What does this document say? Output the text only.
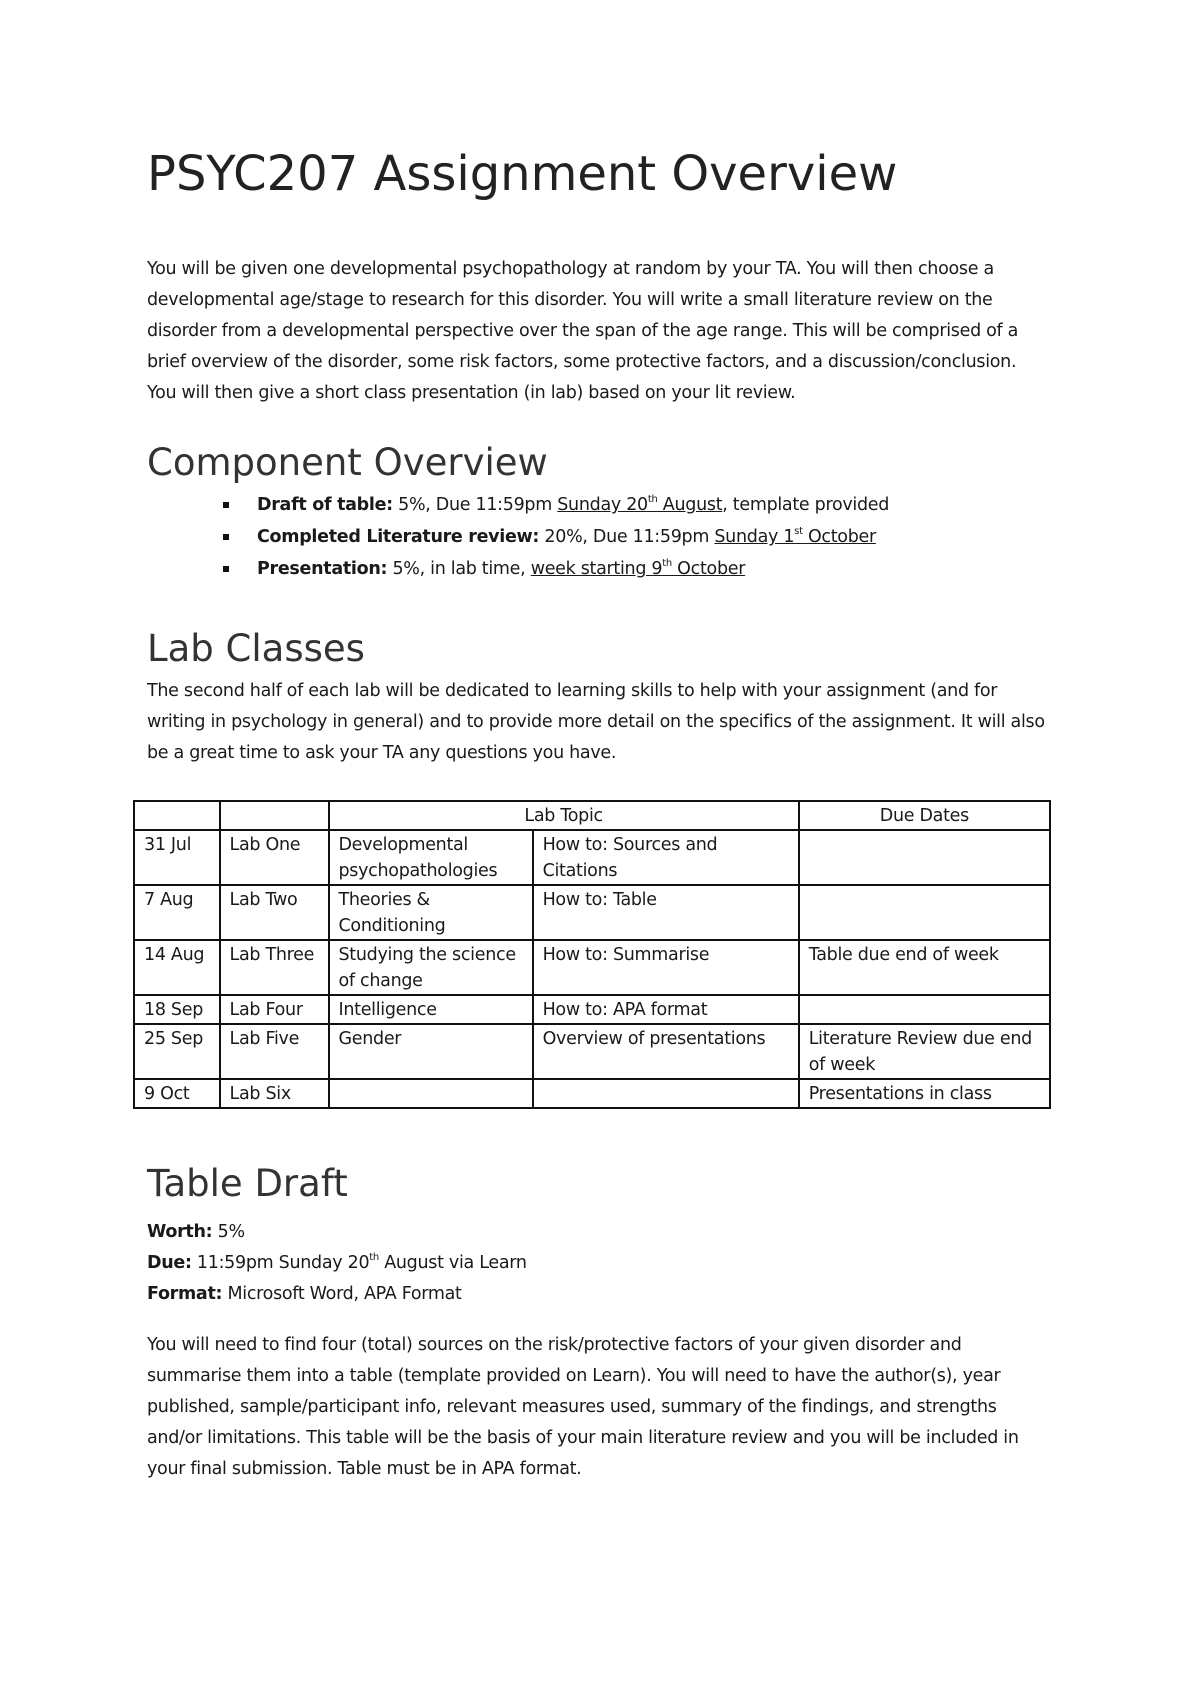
PSYC207 Assignment Overview

You will be given one developmental psychopathology at random by your TA. You will then choose a developmental age/stage to research for this disorder. You will write a small literature review on the disorder from a developmental perspective over the span of the age range. This will be comprised of a brief overview of the disorder, some risk factors, some protective factors, and a discussion/conclusion. You will then give a short class presentation (in lab) based on your lit review.

Component Overview
Draft of table: 5%, Due 11:59pm Sunday 20th August, template provided
Completed Literature review: 20%, Due 11:59pm Sunday 1st October
Presentation: 5%, in lab time, week starting 9th October
Lab Classes

The second half of each lab will be dedicated to learning skills to help with your assignment (and for writing in psychology in general) and to provide more detail on the specifics of the assignment. It will also be a great time to ask your TA any questions you have.

		Lab Topic		Due Dates
31 Jul	Lab One	Developmental psychopathologies	How to: Sources and Citations	
7 Aug	Lab Two	Theories & Conditioning	How to: Table	
14 Aug	Lab Three	Studying the science of change	How to: Summarise	Table due end of week
18 Sep	Lab Four	Intelligence	How to: APA format	
25 Sep	Lab Five	Gender	Overview of presentations	Literature Review due end of week
9 Oct	Lab Six			Presentations in class
Table Draft

Worth: 5%

Due: 11:59pm Sunday 20th August via Learn

Format: Microsoft Word, APA Format

You will need to find four (total) sources on the risk/protective factors of your given disorder and summarise them into a table (template provided on Learn). You will need to have the author(s), year published, sample/participant info, relevant measures used, summary of the findings, and strengths and/or limitations. This table will be the basis of your main literature review and you will be included in your final submission. Table must be in APA format.
